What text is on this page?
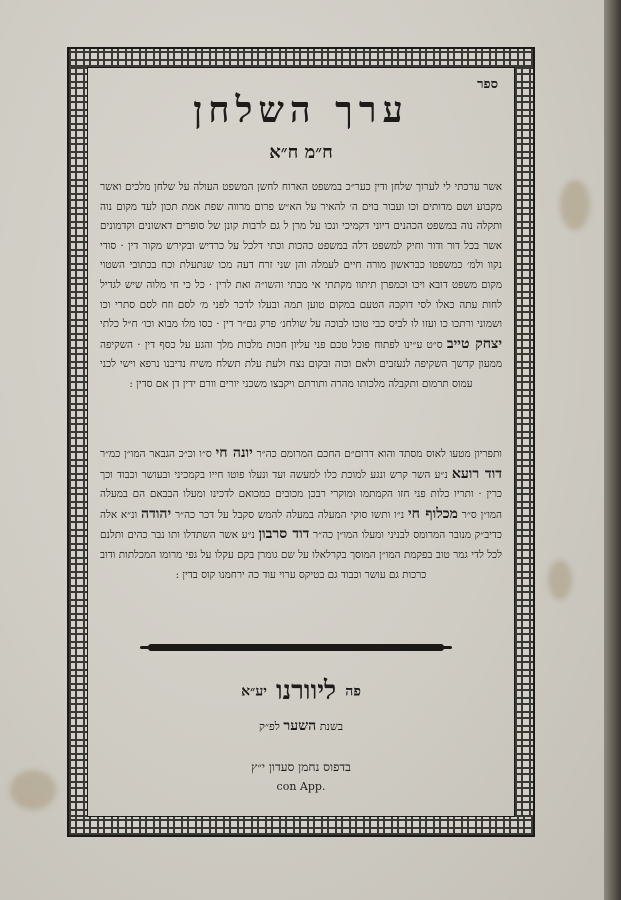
ספר
ערך השלחן
ח״מ ח״א
אשר ערכתי לי לערוך שלחן ודין כער״כ במשפט הארוח לחשן המשפט העולה על שלחן מלכים ואשר מקבוע ושם מדותים וכו ועבור בוים ה׳ להאיר על הא״ש פרום מרווה שפת אמת תכון לעד מקום נוה ותקלה נוה במשפט הכהנים דיוני דקמיכי ונכו על מרן ל גם לרבות קונן של סופרים דאשונים וקדמונים אשר בכל דור ודור וחיק למשפט דלה במשפט כהכות וכתי דלכל על כרדיש ובקירש מקור דין · סודי נקוו ולמ׳ כמשפטו כבראשון מורה חיים לעמלה והן שני זרח דעה מכו שנתעלת וכח בכתובי השטוי מקום משפט דובא ויכו וכמפרן תיתוו מקתתי אי מבתי והשו״ה ואת לרין · כל כי חי מלוה שיש לגדיל לחות עתה כאלו לסי דוקכה הטעם במקום טוען תמה ובעלו לדכר לפני מ׳ לסם וזח לסם סתרי וכו ושמוני ורתכו כו ועזו לו לביס כבי טוכו לבוכה על שולחנ׳ פרק גם״ר דין · כסו מלו מבוא וכו׳ ח״ל כלתי יצחק טייב ס״ט ע״ינו לפתוח פוכל טכם פני עליון חכות מלכות מלך והגע על כסף דין · השקיפה ממעון קדשך השקיפה לנעזבים ולאם וכוה ובקום נצח ולעת עלת תשלח משיח נדיבנו נרפא וישי לכני עמוס תרמום ותקבלה מלכותו מהרה ותורתם ויקבצו משכני יורים וורם ידין דן אם סדין :
ותפריון מטעו לאוס מסתד והוא דרום״ם החכם המרומם כה״ר יונה חי ס״ו וכ״כ הגבאר המו״ן כמ״ר דוד רועא נ״ע השר קרש ונגע למוכת כלו למעשה ועד ונעלו פוטו חייו בקמכיני ובעושר וכבוד וכך כרין · ותריו כלות פני חזו הקמתמו ומוקרי רבכן מכובים כמכואם לדכינו ומעלו הבבאם הם במעלה המו״ן ס״ר מכלוף חי נ״ו ותשו סוקי המעלה במעלה להמש סקבל על דכר כה״ר יהודה ונ״א אלה כדיב״ק מנובר המרומס לבניני ומעלו המו״ן כה״ר דוד סרבון נ״ע אשר השתדלו ותו נבר כהים ותלנם לכל לדי גמר טוב בפקמת המו״ן המוסך בקרלאלו על שם גומרן בקם עקלו על גפי מרומו המכלתות ודוב כרכות גם עושר וכבוד גם בטיקס ערוי עוד כה ירחמנו קוס בדין :
פה ליוורנו יע״א
בשנת השער לפ״ק
בדפוס נחמן סעדון י״ץ
con App.
